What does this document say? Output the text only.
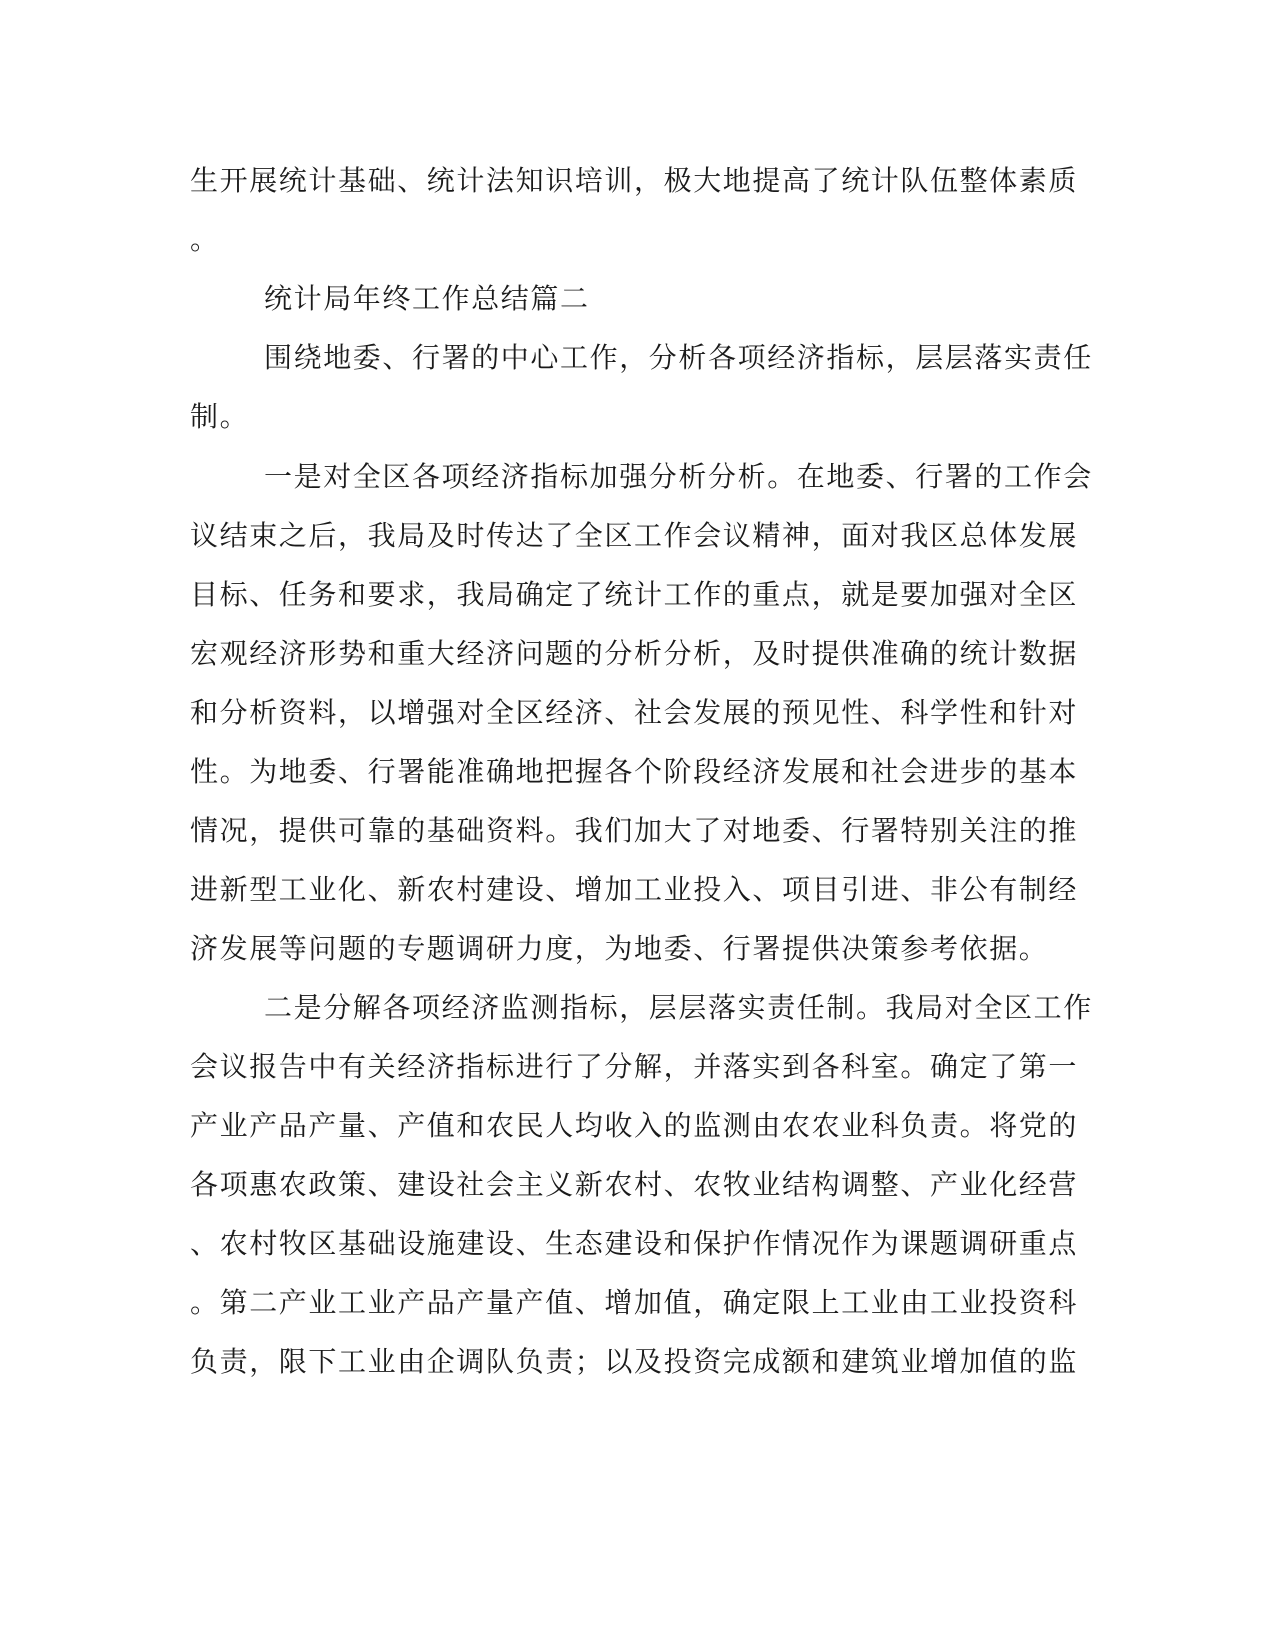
生开展统计基础、统计法知识培训，极大地提高了统计队伍整体素质
。
统计局年终工作总结篇二
围绕地委、行署的中心工作，分析各项经济指标，层层落实责任
制。
一是对全区各项经济指标加强分析分析。在地委、行署的工作会
议结束之后，我局及时传达了全区工作会议精神，面对我区总体发展
目标、任务和要求，我局确定了统计工作的重点，就是要加强对全区
宏观经济形势和重大经济问题的分析分析，及时提供准确的统计数据
和分析资料，以增强对全区经济、社会发展的预见性、科学性和针对
性。为地委、行署能准确地把握各个阶段经济发展和社会进步的基本
情况，提供可靠的基础资料。我们加大了对地委、行署特别关注的推
进新型工业化、新农村建设、增加工业投入、项目引进、非公有制经
济发展等问题的专题调研力度，为地委、行署提供决策参考依据。
二是分解各项经济监测指标，层层落实责任制。我局对全区工作
会议报告中有关经济指标进行了分解，并落实到各科室。确定了第一
产业产品产量、产值和农民人均收入的监测由农农业科负责。将党的
各项惠农政策、建设社会主义新农村、农牧业结构调整、产业化经营
、农村牧区基础设施建设、生态建设和保护作情况作为课题调研重点
。第二产业工业产品产量产值、增加值，确定限上工业由工业投资科
负责，限下工业由企调队负责；以及投资完成额和建筑业增加值的监
